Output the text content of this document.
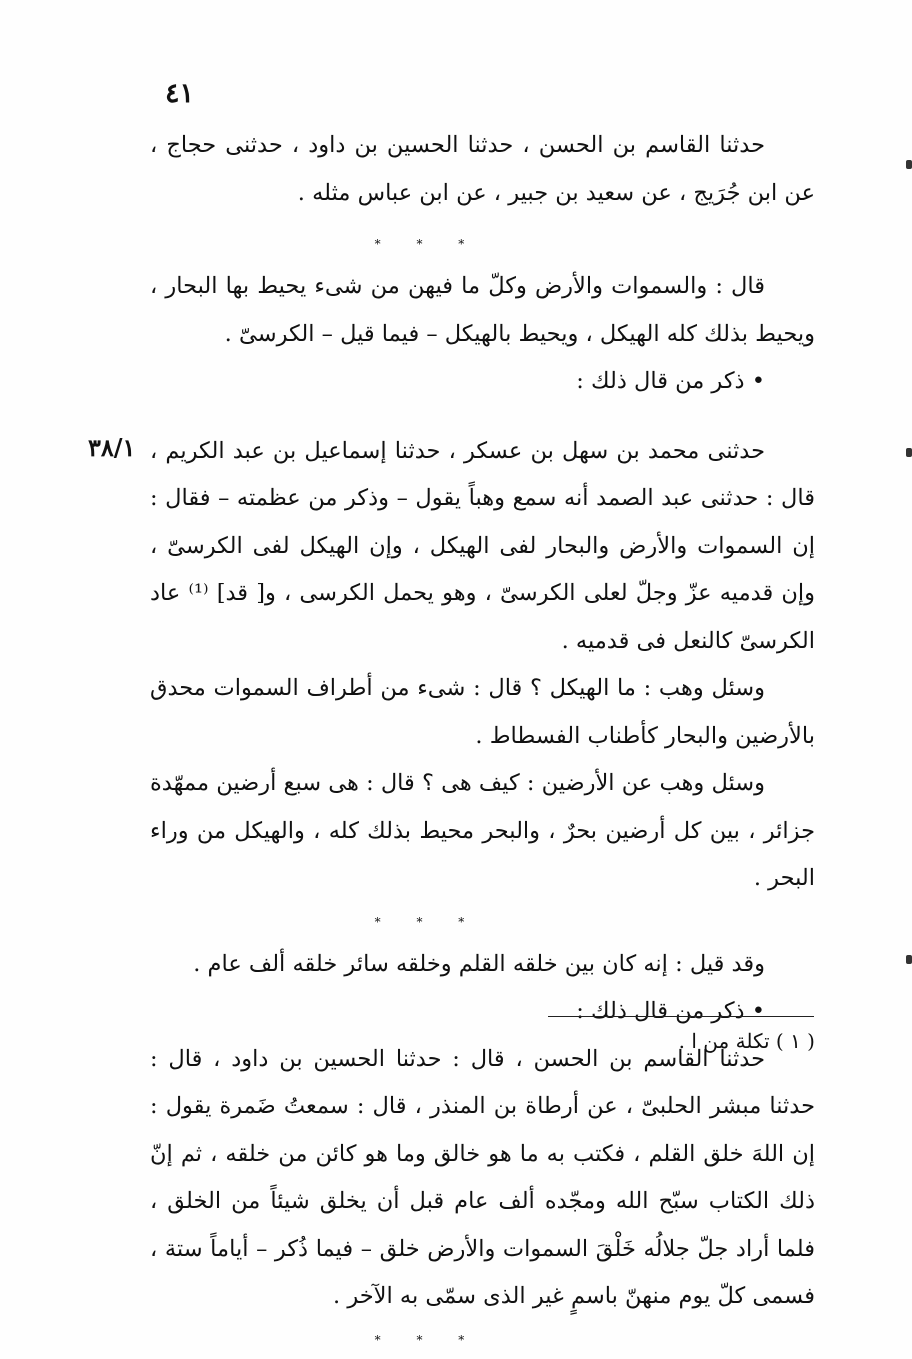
٤١
٣٨/١

حدثنا القاسم بن الحسن ، حدثنا الحسين بن داود ، حدثنى حجاج ، عن ابن جُرَيج ، عن سعيد بن جبير ، عن ابن عباس مثله .

* * *

قال : والسموات والأرض وكلّ ما فيهن من شىء يحيط بها البحار ، ويحيط بذلك كله الهيكل ، ويحيط بالهيكل – فيما قيل – الكرسىّ .

• ذكر من قال ذلك :

حدثنى محمد بن سهل بن عسكر ، حدثنا إسماعيل بن عبد الكريم ، قال : حدثنى عبد الصمد أنه سمع وهباً يقول – وذكر من عظمته – فقال : إن السموات والأرض والبحار لفى الهيكل ، وإن الهيكل لفى الكرسىّ ، وإن قدميه عزّ وجلّ لعلى الكرسىّ ، وهو يحمل الكرسى ، و[ قد] ⁽¹⁾ عاد الكرسىّ كالنعل فى قدميه .

وسئل وهب : ما الهيكل ؟ قال : شىء من أطراف السموات محدق بالأرضين والبحار كأطناب الفسطاط .

وسئل وهب عن الأرضين : كيف هى ؟ قال : هى سبع أرضين ممهّدة جزائر ، بين كل أرضين بحرٌ ، والبحر محيط بذلك كله ، والهيكل من وراء البحر .

* * *

وقد قيل : إنه كان بين خلقه القلم وخلقه سائر خلقه ألف عام .

• ذكر من قال ذلك :

حدثنا القاسم بن الحسن ، قال : حدثنا الحسين بن داود ، قال : حدثنا مبشر الحلبىّ ، عن أرطاة بن المنذر ، قال : سمعتُ ضَمرة يقول : إن اللهَ خلق القلم ، فكتب به ما هو خالق وما هو كائن من خلقه ، ثم إنّ ذلك الكتاب سبّح الله ومجّده ألف عام قبل أن يخلق شيئاً من الخلق ، فلما أراد جلّ جلالُه خَلْقَ السموات والأرض خلق – فيما ذُكر – أياماً ستة ، فسمى كلّ يوم منهنّ باسمٍ غير الذى سمّى به الآخر .

* * *

( ١ ) تكلة من ا .
